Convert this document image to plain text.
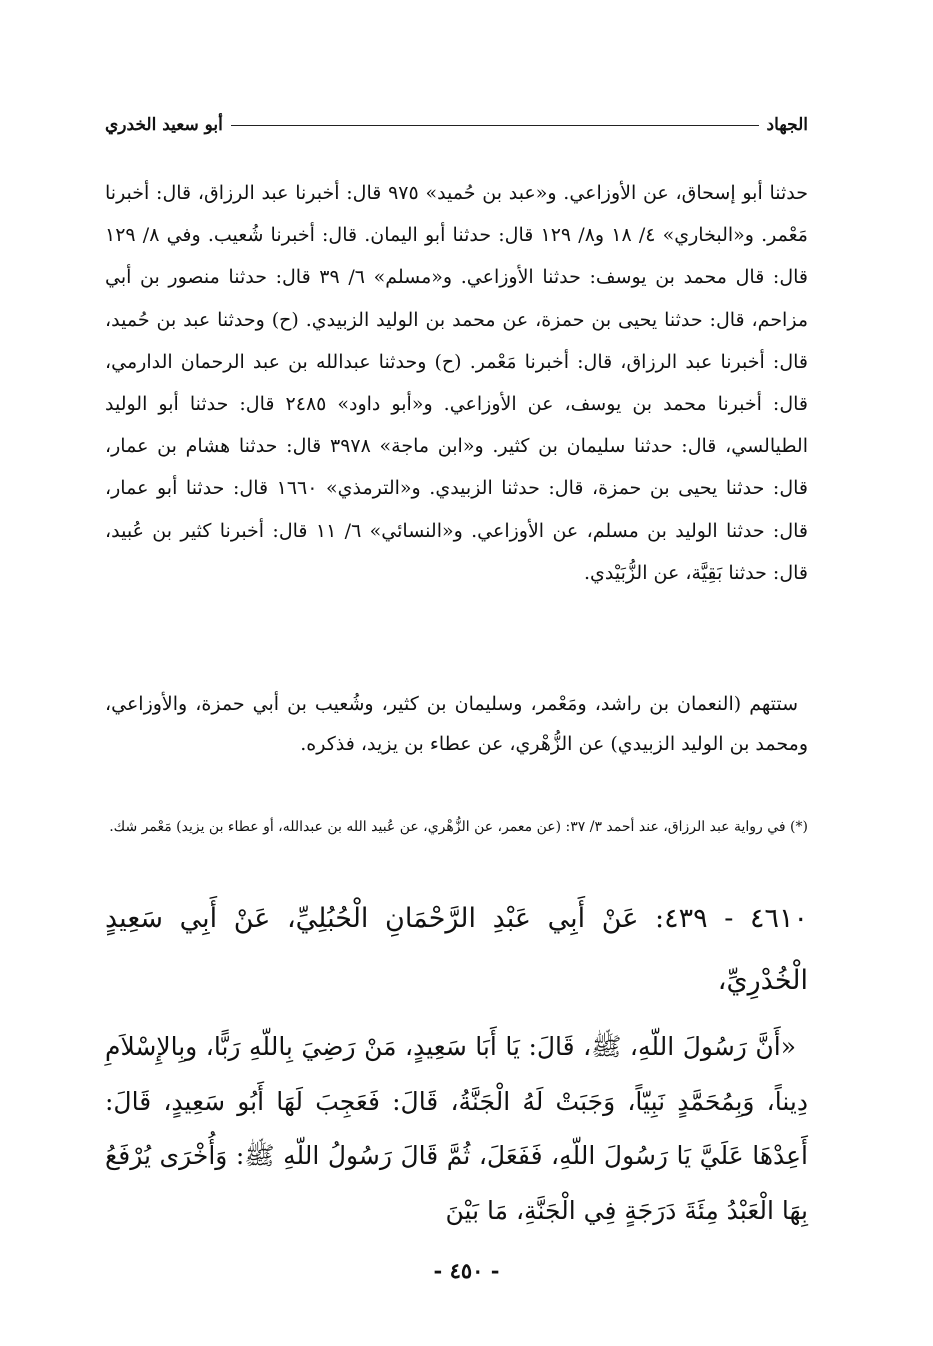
الجهاد
أبو سعيد الخدري
حدثنا أبو إسحاق، عن الأوزاعي. و«عبد بن حُميد» ٩٧٥ قال: أخبرنا عبد الرزاق، قال: أخبرنا مَعْمر. و«البخاري» ٤/ ١٨ و٨/ ١٢٩ قال: حدثنا أبو اليمان. قال: أخبرنا شُعيب. وفي ٨/ ١٢٩ قال: قال محمد بن يوسف: حدثنا الأوزاعي. و«مسلم» ٦/ ٣٩ قال: حدثنا منصور بن أبي مزاحم، قال: حدثنا يحيى بن حمزة، عن محمد بن الوليد الزبيدي. (ح) وحدثنا عبد بن حُميد، قال: أخبرنا عبد الرزاق، قال: أخبرنا مَعْمر. (ح) وحدثنا عبدالله بن عبد الرحمان الدارمي، قال: أخبرنا محمد بن يوسف، عن الأوزاعي. و«أبو داود» ٢٤٨٥ قال: حدثنا أبو الوليد الطيالسي، قال: حدثنا سليمان بن كثير. و«ابن ماجة» ٣٩٧٨ قال: حدثنا هشام بن عمار، قال: حدثنا يحيى بن حمزة، قال: حدثنا الزبيدي. و«الترمذي» ١٦٦٠ قال: حدثنا أبو عمار، قال: حدثنا الوليد بن مسلم، عن الأوزاعي. و«النسائي» ٦/ ١١ قال: أخبرنا كثير بن عُبيد، قال: حدثنا بَقِيَّة، عن الزُّبَيْدي.
ستتهم (النعمان بن راشد، ومَعْمر، وسليمان بن كثير، وشُعيب بن أبي حمزة، والأوزاعي، ومحمد بن الوليد الزبيدي) عن الزُّهْري، عن عطاء بن يزيد، فذكره.
(*) في رواية عبد الرزاق، عند أحمد ٣/ ٣٧: (عن معمر، عن الزُّهْري، عن عُبيد الله بن عبدالله، أو عطاء بن يزيد) مَعْمر شك.
٤٦١٠ - ٤٣٩: عَنْ أَبِي عَبْدِ الرَّحْمَانِ الْحُبُلِيِّ، عَنْ أَبِي سَعِيدٍ الْخُدْرِيِّ،
«أَنَّ رَسُولَ اللّهِ، ﷺ، قَالَ: يَا أَبَا سَعِيدٍ، مَنْ رَضِيَ بِاللّهِ رَبًّا، وبِالإِسْلاَمِ دِيناً، وَبِمُحَمَّدٍ نَبِيّاً، وَجَبَتْ لَهُ الْجَنَّةُ، قَالَ: فَعَجِبَ لَهَا أَبُو سَعِيدٍ، قَالَ: أَعِدْهَا عَلَيَّ يَا رَسُولَ اللّهِ، فَفَعَلَ، ثُمَّ قَالَ رَسُولُ اللّهِ ﷺ: وَأُخْرَى يُرْفَعُ بِهَا الْعَبْدُ مِئَةَ دَرَجَةٍ فِي الْجَنَّةِ، مَا بَيْنَ
- ٤٥٠ -
